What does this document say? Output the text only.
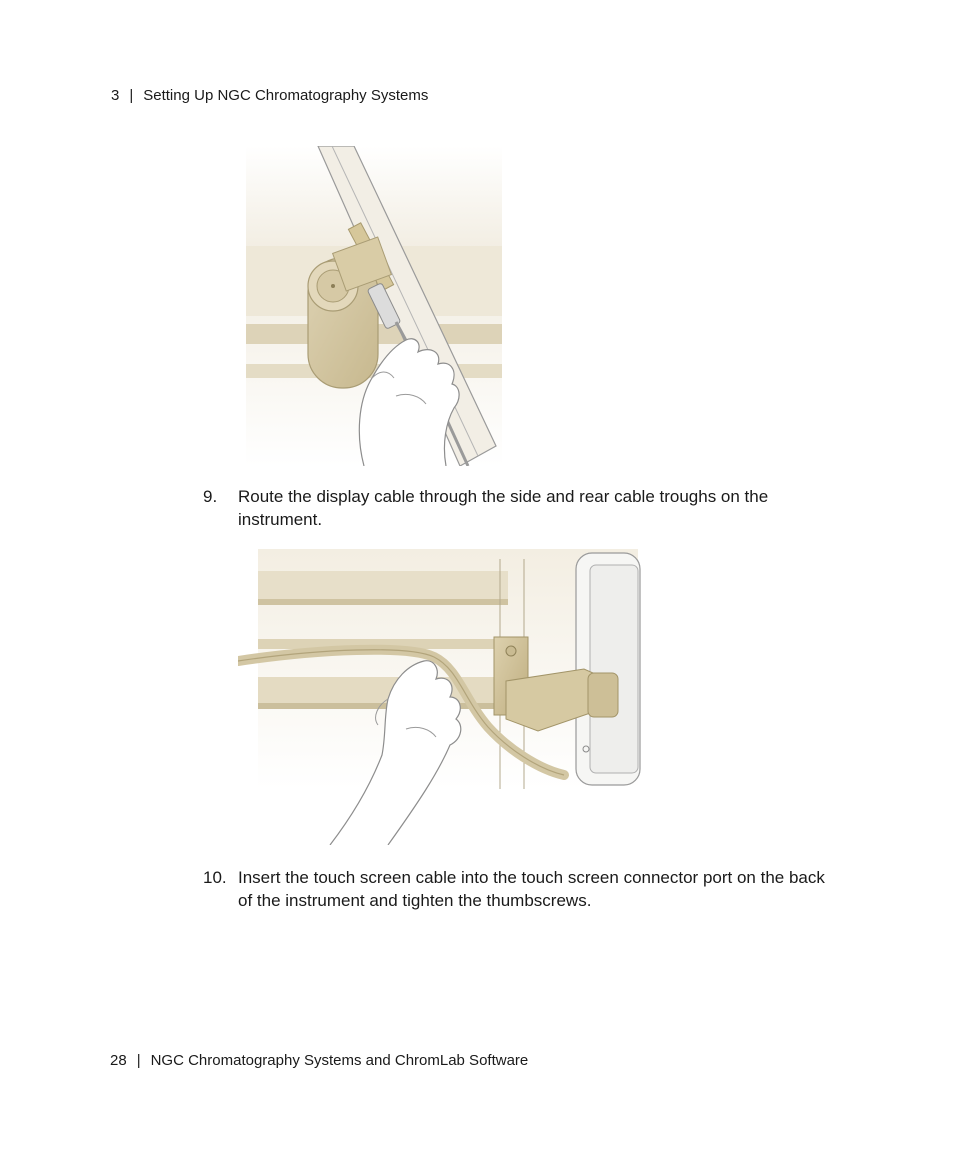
3 | Setting Up NGC Chromatography Systems
9. Route the display cable through the side and rear cable troughs on the instrument.
10. Insert the touch screen cable into the touch screen connector port on the back of the instrument and tighten the thumbscrews.
28 | NGC Chromatography Systems and ChromLab Software
